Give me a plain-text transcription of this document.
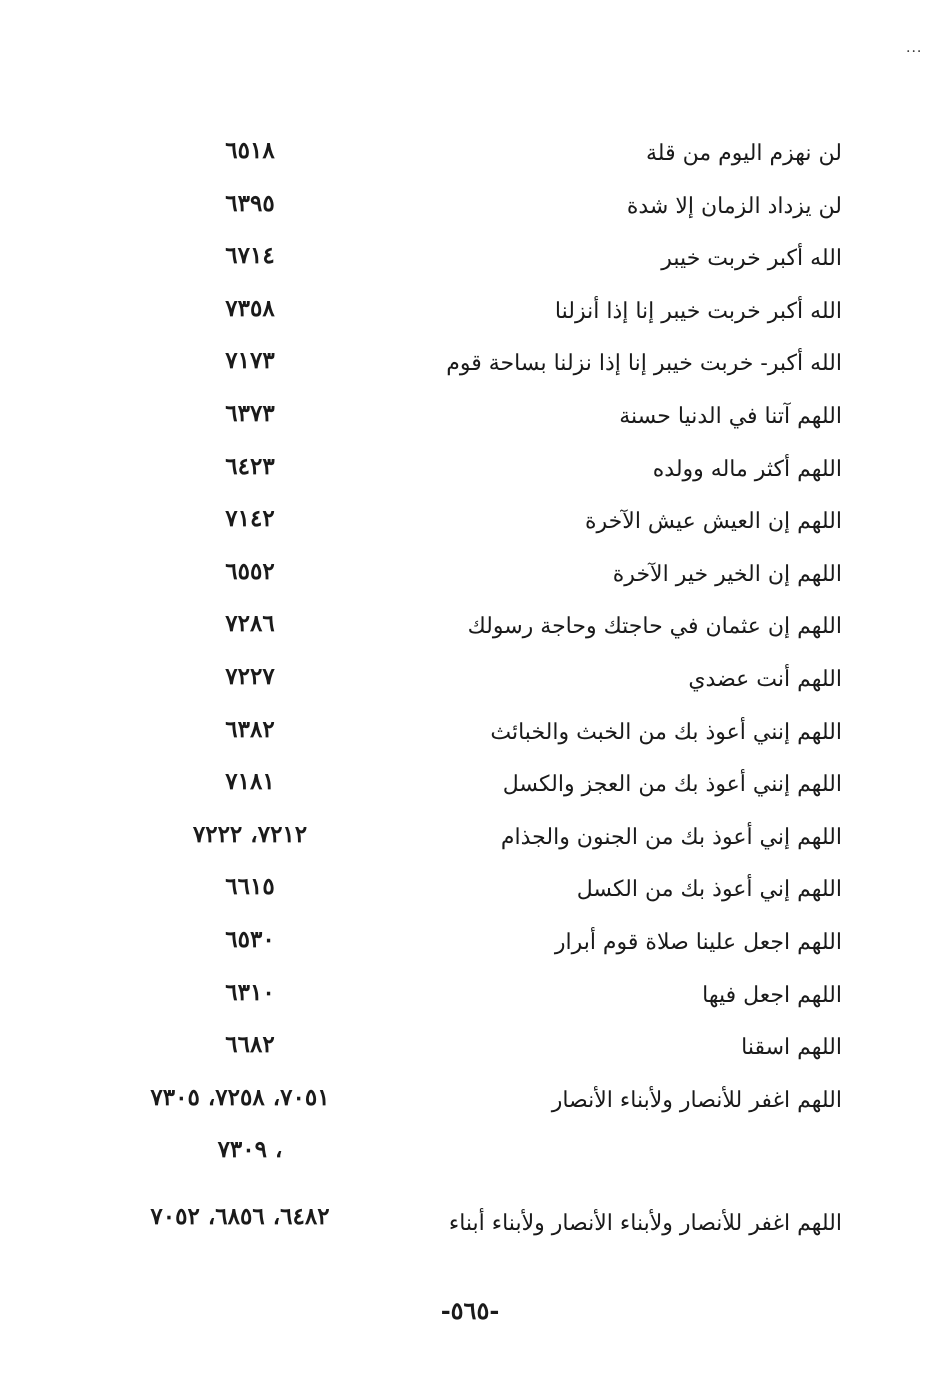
...
لن نهزم اليوم من قلة
٦٥١٨
لن يزداد الزمان إلا شدة
٦٣٩٥
الله أكبر خربت خيبر
٦٧١٤
الله أكبر خربت خيبر إنا إذا أنزلنا
٧٣٥٨
الله أكبر- خربت خيبر إنا إذا نزلنا بساحة قوم
٧١٧٣
اللهم آتنا في الدنيا حسنة
٦٣٧٣
اللهم أكثر ماله وولده
٦٤٢٣
اللهم إن العيش عيش الآخرة
٧١٤٢
اللهم إن الخير خير الآخرة
٦٥٥٢
اللهم إن عثمان في حاجتك وحاجة رسولك
٧٢٨٦
اللهم أنت عضدي
٧٢٢٧
اللهم إنني أعوذ بك من الخبث والخبائث
٦٣٨٢
اللهم إنني أعوذ بك من العجز والكسل
٧١٨١
اللهم إني أعوذ بك من الجنون والجذام
٧٢١٢، ٧٢٢٢
اللهم إني أعوذ بك من الكسل
٦٦١٥
اللهم اجعل علينا صلاة قوم أبرار
٦٥٣٠
اللهم اجعل فيها
٦٣١٠
اللهم اسقنا
٦٦٨٢
اللهم اغفر للأنصار ولأبناء الأنصار
٧٠٥١، ٧٢٥٨، ٧٣٠٥
، ٧٣٠٩
اللهم اغفر للأنصار ولأبناء الأنصار ولأبناء أبناء
٦٤٨٢، ٦٨٥٦، ٧٠٥٢
-٥٦٥-
